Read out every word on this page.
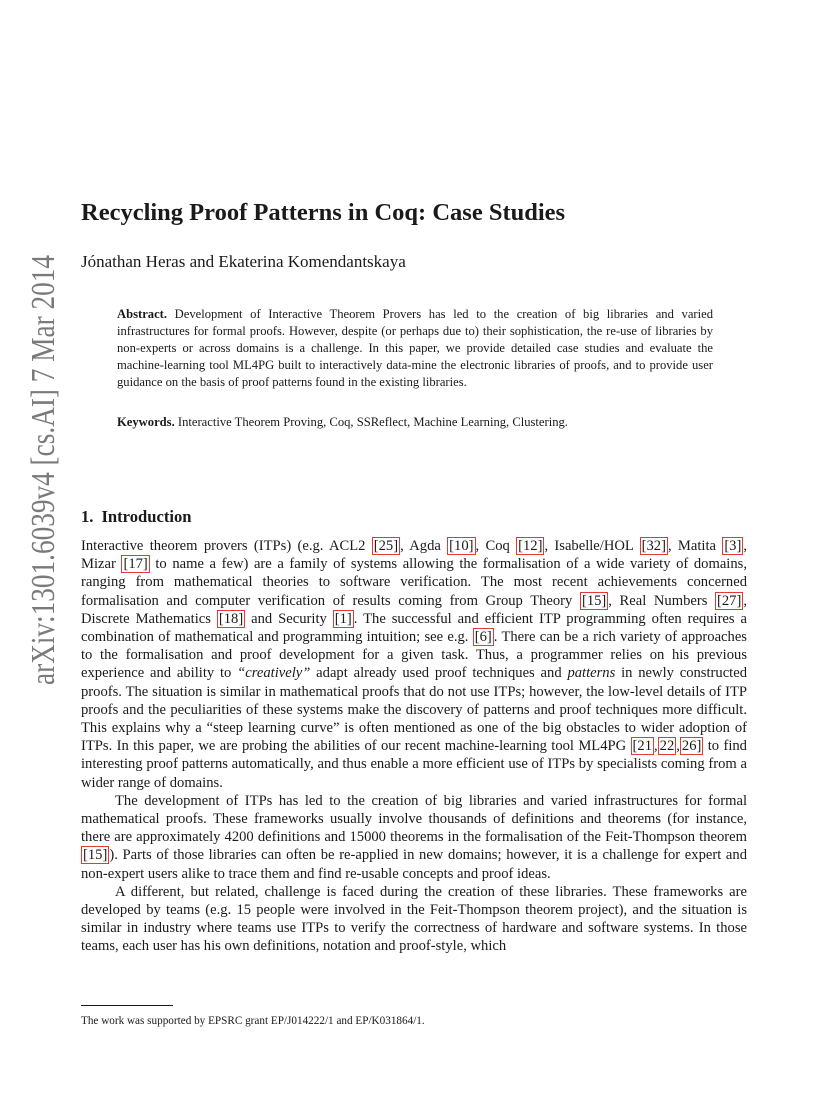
arXiv:1301.6039v4 [cs.AI] 7 Mar 2014 Recycling Proof Patterns in Coq: Case Studies
Jónathan Heras and Ekaterina Komendantskaya
Abstract. Development of Interactive Theorem Provers has led to the creation of big libraries and varied infrastructures for formal proofs. However, despite (or perhaps due to) their sophistication, the re-use of libraries by non-experts or across domains is a challenge. In this paper, we provide detailed case studies and evaluate the machine-learning tool ML4PG built to interactively data-mine the electronic libraries of proofs, and to provide user guidance on the basis of proof patterns found in the existing libraries.
Keywords. Interactive Theorem Proving, Coq, SSReflect, Machine Learning, Clustering.
1. Introduction

Interactive theorem provers (ITPs) (e.g. ACL2 [25] , Agda [10] , Coq [12] , Isabelle/HOL [32] , Matita [3] , Mizar [17] to name a few) are a family of systems allowing the formalisation of a wide variety of domains, ranging from mathematical theories to software verification. The most recent achievements concerned formalisation and computer verification of results coming from Group Theory [15] , Real Numbers [27] , Discrete Mathematics [18] and Security [1] . The successful and efficient ITP programming often requires a combination of mathematical and programming intuition; see e.g. [6] . There can be a rich variety of approaches to the formalisation and proof development for a given task. Thus, a programmer relies on his previous experience and ability to “creatively” adapt already used proof techniques and patterns in newly constructed proofs. The situation is similar in mathematical proofs that do not use ITPs; however, the low-level details of ITP proofs and the peculiarities of these systems make the discovery of patterns and proof techniques more difficult. This explains why a “steep learning curve” is often mentioned as one of the big obstacles to wider adoption of ITPs. In this paper, we are probing the abilities of our recent machine-learning tool ML4PG [21 , 22 , 26] to find interesting proof patterns automatically, and thus enable a more efficient use of ITPs by specialists coming from a wider range of domains.

The development of ITPs has led to the creation of big libraries and varied infrastructures for formal mathematical proofs. These frameworks usually involve thousands of definitions and theorems (for instance, there are approximately 4200 definitions and 15000 theorems in the formalisation of the Feit-Thompson theorem [15] ). Parts of those libraries can often be re-applied in new domains; however, it is a challenge for expert and non-expert users alike to trace them and find re-usable concepts and proof ideas.

A different, but related, challenge is faced during the creation of these libraries. These frameworks are developed by teams (e.g. 15 people were involved in the Feit-Thompson theorem project), and the situation is similar in industry where teams use ITPs to verify the correctness of hardware and software systems. In those teams, each user has his own definitions, notation and proof-style, which

The work was supported by EPSRC grant EP/J014222/1 and EP/K031864/1.
